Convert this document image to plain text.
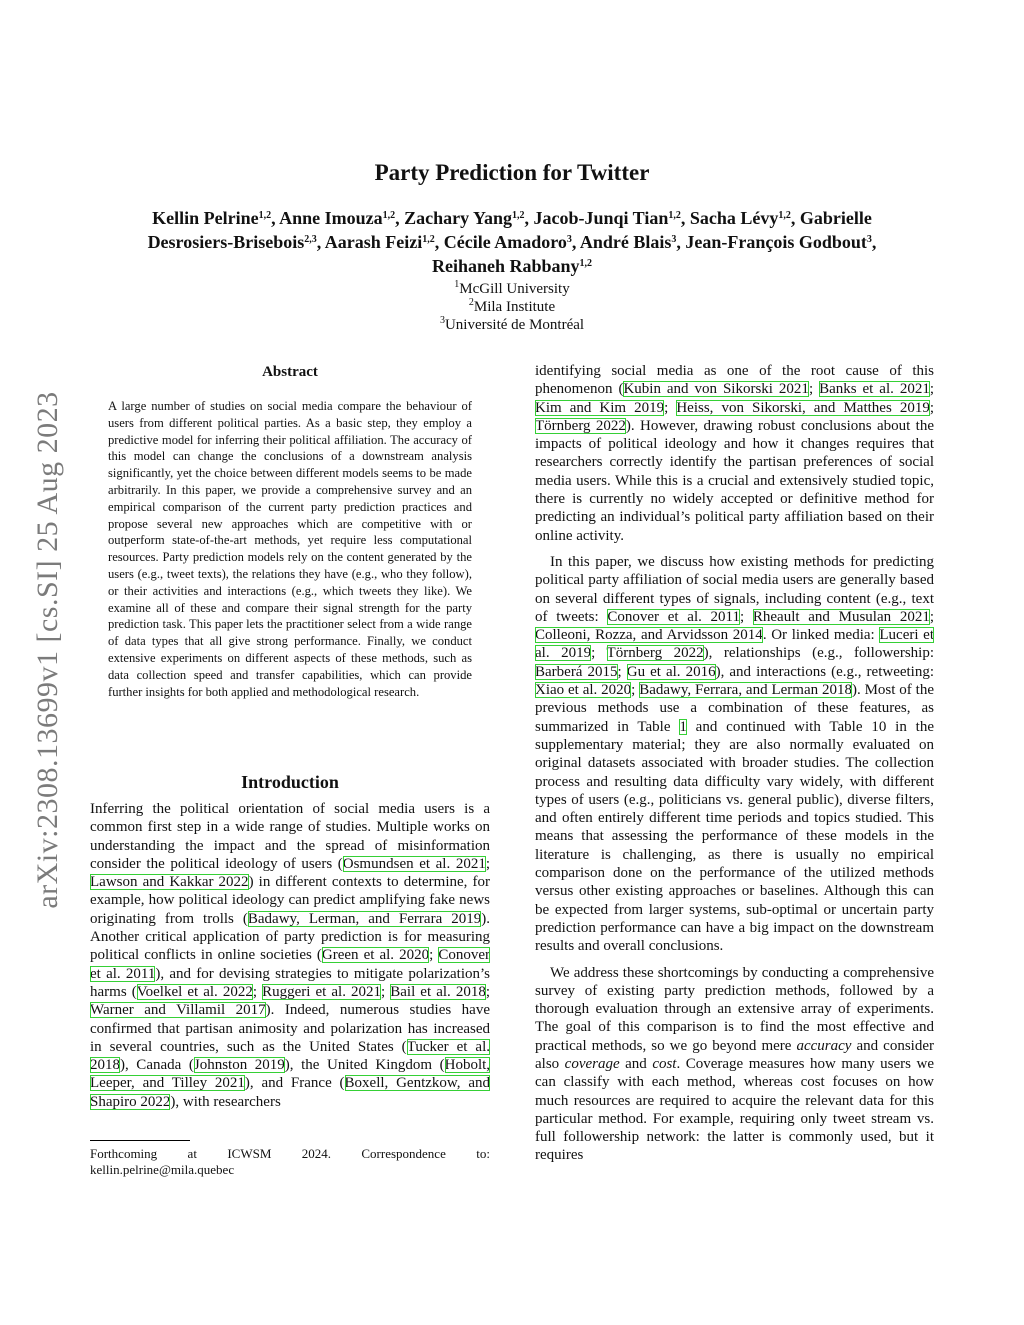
arXiv:2308.13699v1 [cs.SI] 25 Aug 2023
Party Prediction for Twitter
Kellin Pelrine$^{1,2}$, Anne Imouza$^{1,2}$, Zachary Yang$^{1,2}$, Jacob-Junqi Tian$^{1,2}$, Sacha Lévy$^{1,2}$, Gabrielle
Desrosiers-Brisebois$^{2,3}$, Aarash Feizi$^{1,2}$, Cécile Amadoro$^3$, André Blais$^3$, Jean-François Godbout$^3$,
Reihaneh Rabbany$^{1,2}$
$^1$McGill University
$^2$Mila Institute
$^3$Université de Montréal
Abstract
A large number of studies on social media compare the behaviour of users from different political parties. As a basic step, they employ a predictive model for inferring their political affiliation. The accuracy of this model can change the conclusions of a downstream analysis significantly, yet the choice between different models seems to be made arbitrarily. In this paper, we provide a comprehensive survey and an empirical comparison of the current party prediction practices and propose several new approaches which are competitive with or outperform state-of-the-art methods, yet require less computational resources. Party prediction models rely on the content generated by the users (e.g., tweet texts), the relations they have (e.g., who they follow), or their activities and interactions (e.g., which tweets they like). We examine all of these and compare their signal strength for the party prediction task. This paper lets the practitioner select from a wide range of data types that all give strong performance. Finally, we conduct extensive experiments on different aspects of these methods, such as data collection speed and transfer capabilities, which can provide further insights for both applied and methodological research.
Introduction

Inferring the political orientation of social media users is a common first step in a wide range of studies. Multiple works on understanding the impact and the spread of misinformation consider the political ideology of users (Osmundsen et al. 2021; Lawson and Kakkar 2022) in different contexts to determine, for example, how political ideology can predict amplifying fake news originating from trolls (Badawy, Lerman, and Ferrara 2019). Another critical application of party prediction is for measuring political conflicts in online societies (Green et al. 2020; Conover et al. 2011), and for devising strategies to mitigate polarization’s harms (Voelkel et al. 2022; Ruggeri et al. 2021; Bail et al. 2018; Warner and Villamil 2017). Indeed, numerous studies have confirmed that partisan animosity and polarization has increased in several countries, such as the United States (Tucker et al. 2018), Canada (Johnston 2019), the United Kingdom (Hobolt, Leeper, and Tilley 2021), and France (Boxell, Gentzkow, and Shapiro 2022), with researchers

Forthcoming at ICWSM 2024. Correspondence to:
kellin.pelrine@mila.quebec

identifying social media as one of the root cause of this phenomenon (Kubin and von Sikorski 2021; Banks et al. 2021; Kim and Kim 2019; Heiss, von Sikorski, and Matthes 2019; Törnberg 2022). However, drawing robust conclusions about the impacts of political ideology and how it changes requires that researchers correctly identify the partisan preferences of social media users. While this is a crucial and extensively studied topic, there is currently no widely accepted or definitive method for predicting an individual’s political party affiliation based on their online activity.

In this paper, we discuss how existing methods for predicting political party affiliation of social media users are generally based on several different types of signals, including content (e.g., text of tweets: Conover et al. 2011; Rheault and Musulan 2021; Colleoni, Rozza, and Arvidsson 2014. Or linked media: Luceri et al. 2019; Törnberg 2022), relationships (e.g., followership: Barberá 2015; Gu et al. 2016), and interactions (e.g., retweeting: Xiao et al. 2020; Badawy, Ferrara, and Lerman 2018). Most of the previous methods use a combination of these features, as summarized in Table 1 and continued with Table 10 in the supplementary material; they are also normally evaluated on original datasets associated with broader studies. The collection process and resulting data difficulty vary widely, with different types of users (e.g., politicians vs. general public), diverse filters, and often entirely different time periods and topics studied. This means that assessing the performance of these models in the literature is challenging, as there is usually no empirical comparison done on the performance of the utilized methods versus other existing approaches or baselines. Although this can be expected from larger systems, sub-optimal or uncertain party prediction performance can have a big impact on the downstream results and overall conclusions.

We address these shortcomings by conducting a comprehensive survey of existing party prediction methods, followed by a thorough evaluation through an extensive array of experiments. The goal of this comparison is to find the most effective and practical methods, so we go beyond mere accuracy and consider also coverage and cost. Coverage measures how many users we can classify with each method, whereas cost focuses on how much resources are required to acquire the relevant data for this particular method. For example, requiring only tweet stream vs. full followership network: the latter is commonly used, but it requires
